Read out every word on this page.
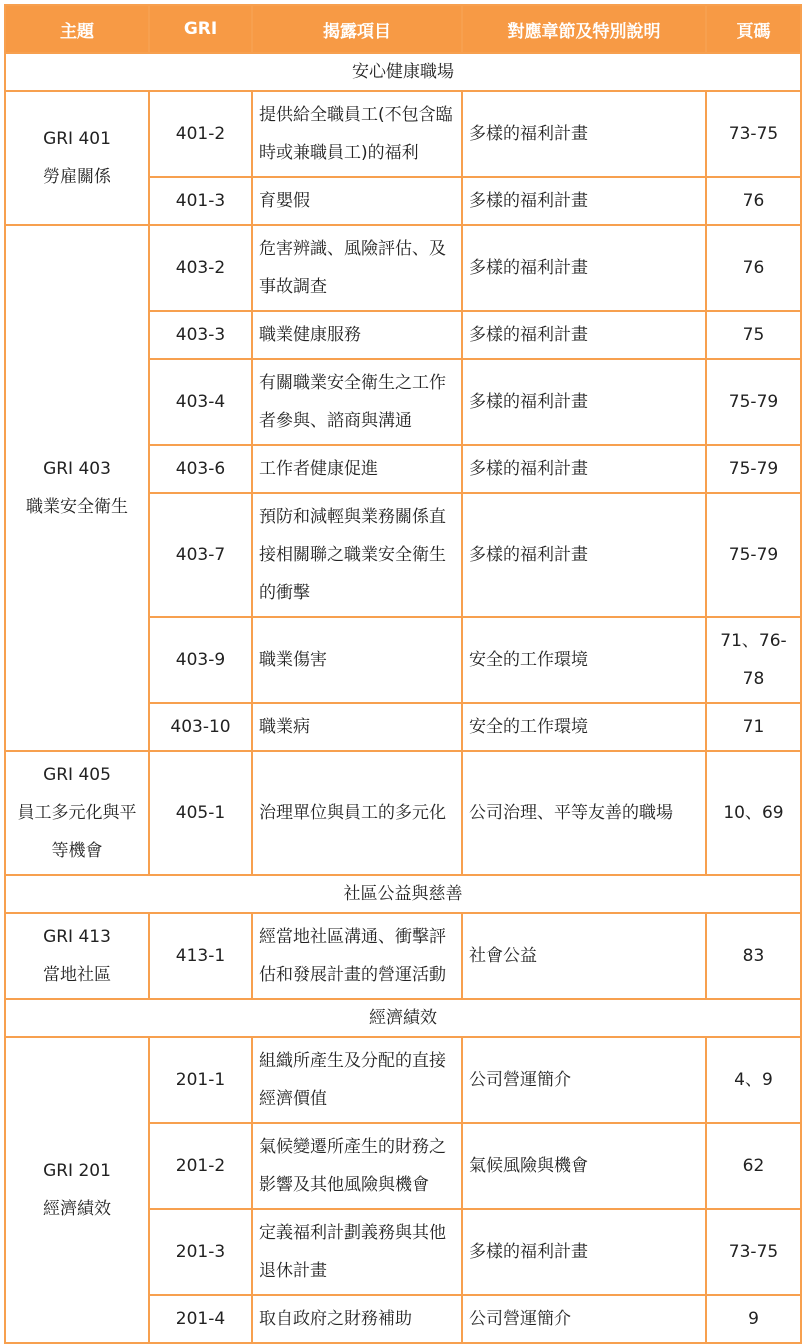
主題	GRI	揭露項目	對應章節及特別說明	頁碼
安心健康職場				

GRI 401
勞雇關係	401-2	提供給全職員工(不包含臨時或兼職員工)的福利	多樣的福利計畫	73-75
	401-3	育嬰假	多樣的福利計畫	76

GRI 403
職業安全衛生	403-2	危害辨識、風險評估、及事故調查	多樣的福利計畫	76
	403-3	職業健康服務	多樣的福利計畫	75
	403-4	有關職業安全衛生之工作者參與、諮商與溝通	多樣的福利計畫	75-79
	403-6	工作者健康促進	多樣的福利計畫	75-79
	403-7	預防和減輕與業務關係直接相關聯之職業安全衛生的衝擊	多樣的福利計畫	75-79
	403-9	職業傷害	安全的工作環境	71、76-78
	403-10	職業病	安全的工作環境	71

GRI 405
員工多元化與平等機會	405-1	治理單位與員工的多元化	公司治理、平等友善的職場	10、69
社區公益與慈善				

GRI 413
當地社區	413-1	經當地社區溝通、衝擊評估和發展計畫的營運活動	社會公益	83
經濟績效				

GRI 201
經濟績效	201-1	組織所產生及分配的直接經濟價值	公司營運簡介	4、9
	201-2	氣候變遷所產生的財務之影響及其他風險與機會	氣候風險與機會	62
	201-3	定義福利計劃義務與其他退休計畫	多樣的福利計畫	73-75
	201-4	取自政府之財務補助	公司營運簡介	9
